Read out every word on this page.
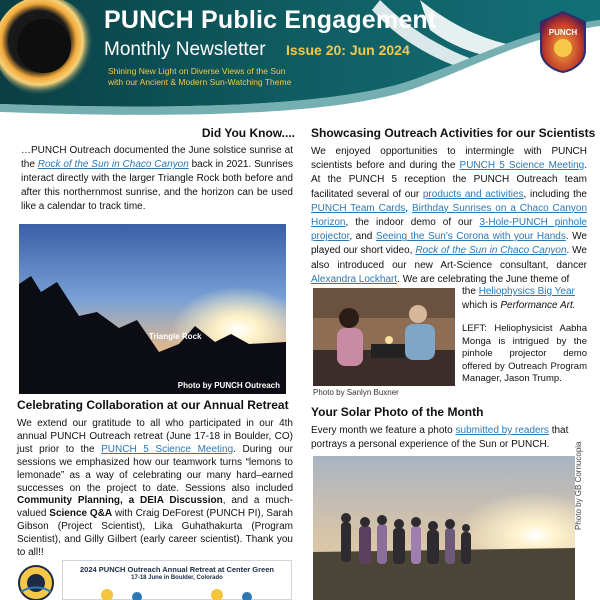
PUNCH Public Engagement
Monthly Newsletter Issue 20: Jun 2024
Shining New Light on Diverse Views of the Sun
with our Ancient & Modern Sun-Watching Theme
PUNCH
Did You Know....
…PUNCH Outreach documented the June solstice sunrise at the Rock of the Sun in Chaco Canyon back in 2021. Sunrises interact directly with the larger Triangle Rock both before and after this northernmost sunrise, and the horizon can be used like a calendar to track time.
Triangle Rock
Photo by PUNCH Outreach
Celebrating Collaboration at our Annual Retreat
We extend our gratitude to all who participated in our 4th annual PUNCH Outreach retreat (June 17-18 in Boulder, CO) just prior to the PUNCH 5 Science Meeting. During our sessions we emphasized how our teamwork turns “lemons to lemonade” as a way of celebrating our many hard–earned successes on the project to date. Sessions also included Community Planning, a DEIA Discussion, and a much-valued Science Q&A with Craig DeForest (PUNCH PI), Sarah Gibson (Project Scientist), Lika Guhathakurta (Program Scientist), and Gilly Gilbert (early career scientist). Thank you to all!!
2024 PUNCH Outreach Annual Retreat at Center Green
17-18 June in Boulder, Colorado
Showcasing Outreach Activities for our Scientists
We enjoyed opportunities to intermingle with PUNCH scientists before and during the PUNCH 5 Science Meeting. At the PUNCH 5 reception the PUNCH Outreach team facilitated several of our products and activities, including the PUNCH Team Cards, Birthday Sunrises on a Chaco Canyon Horizon, the indoor demo of our 3-Hole-PUNCH pinhole projector, and Seeing the Sun's Corona with your Hands. We played our short video, Rock of the Sun in Chaco Canyon. We also introduced our new Art-Science consultant, dancer Alexandra Lockhart. We are celebrating the June theme of
Photo by Sanlyn Buxner
the Heliophysics Big Year
which is Performance Art.
LEFT: Heliophysicist Aabha Monga is intrigued by the pinhole projector demo offered by Outreach Program Manager, Jason Trump.
Your Solar Photo of the Month
Every month we feature a photo submitted by readers that portrays a personal experience of the Sun or PUNCH.	Photo by GB Cornucopia
